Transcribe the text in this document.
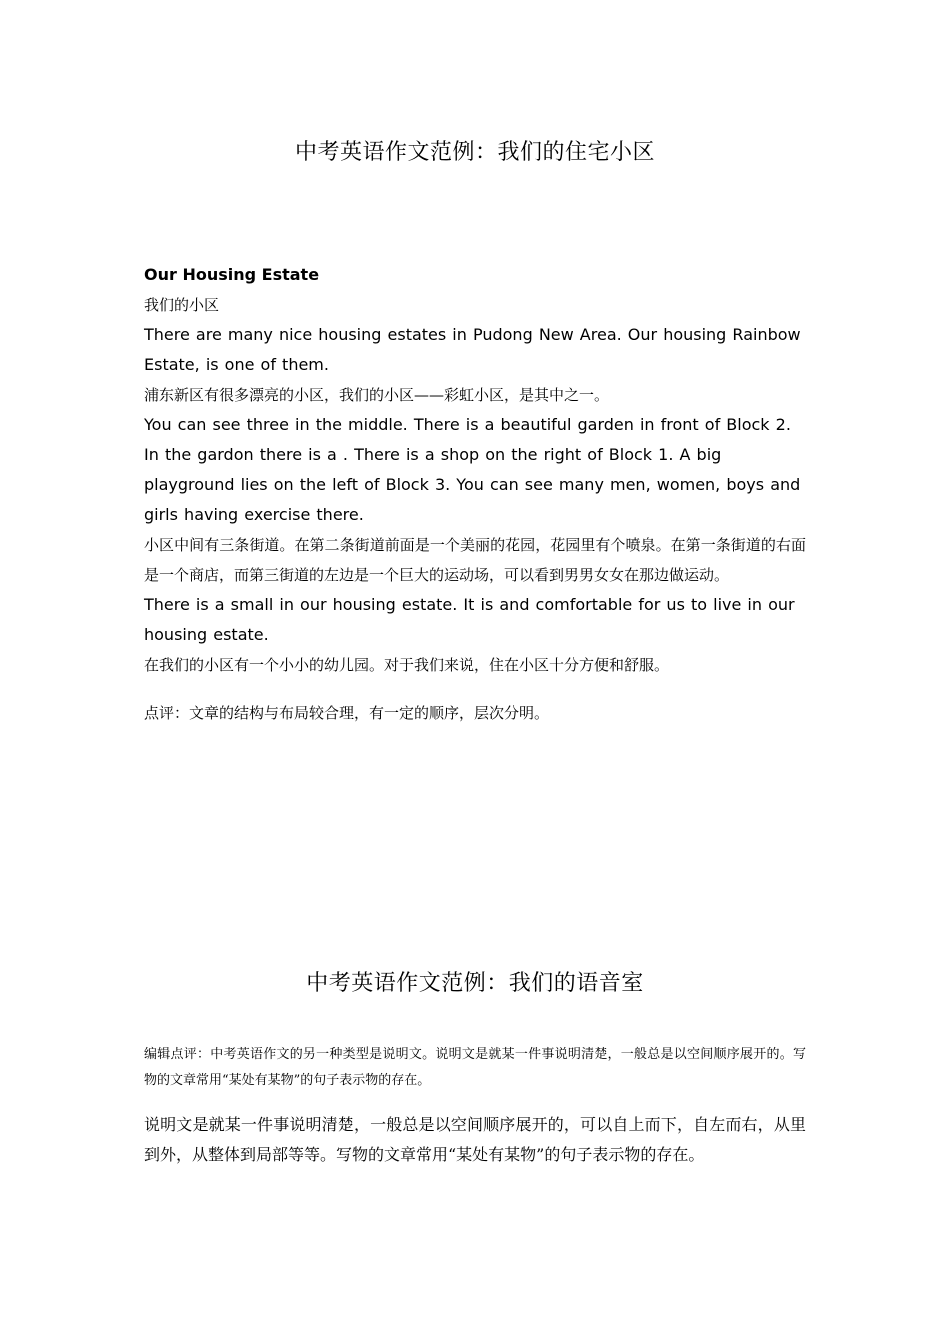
中考英语作文范例：我们的住宅小区
Our Housing Estate
我们的小区
There are many nice housing estates in Pudong New Area. Our housing Rainbow Estate, is one of them.
浦东新区有很多漂亮的小区，我们的小区——彩虹小区，是其中之一。
You can see three in the middle. There is a beautiful garden in front of Block 2. In the gardon there is a . There is a shop on the right of Block 1. A big playground lies on the left of Block 3. You can see many men, women, boys and girls having exercise there.
小区中间有三条街道。在第二条街道前面是一个美丽的花园，花园里有个喷泉。在第一条街道的右面是一个商店，而第三街道的左边是一个巨大的运动场，可以看到男男女女在那边做运动。
There is a small in our housing estate. It is and comfortable for us to live in our housing estate.
在我们的小区有一个小小的幼儿园。对于我们来说，住在小区十分方便和舒服。
点评：文章的结构与布局较合理，有一定的顺序，层次分明。
中考英语作文范例：我们的语音室
编辑点评：中考英语作文的另一种类型是说明文。说明文是就某一件事说明清楚，一般总是以空间顺序展开的。写物的文章常用“某处有某物”的句子表示物的存在。
说明文是就某一件事说明清楚，一般总是以空间顺序展开的，可以自上而下，自左而右，从里到外，从整体到局部等等。写物的文章常用“某处有某物”的句子表示物的存在。
